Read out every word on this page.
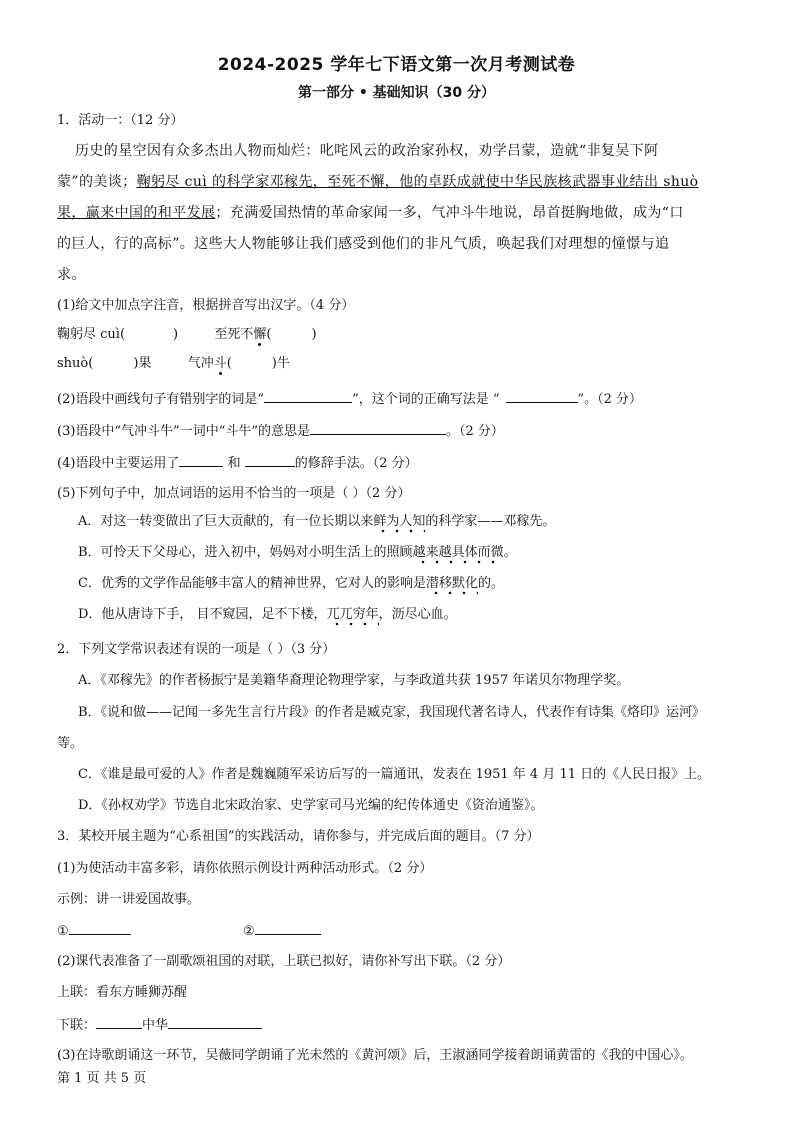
2024-2025 学年七下语文第一次月考测试卷
第一部分 • 基础知识（30 分）
1．活动一：（12 分）
历史的星空因有众多杰出人物而灿烂：叱咤风云的政治家孙权，劝学吕蒙，造就“非复吴下阿
蒙”的美谈；鞠躬尽 cuì 的科学家邓稼先，至死不懈，他的卓跃成就使中华民族核武器事业结出 shuò
果，赢来中国的和平发展；充满爱国热情的革命家闻一多，气冲斗牛地说，昂首挺胸地做，成为“口
的巨人，行的高标”。这些大人物能够让我们感受到他们的非凡气质，唤起我们对理想的憧憬与追
求。
(1)给文中加点字注音，根据拼音写出汉字。（4 分）
鞠躬尽 cuì(	)	至死不懈(	)
shuò(	)果	气冲斗(	)牛
(2)语段中画线句子有错别字的词是“	”，这个词的正确写法是 “	”。（2 分）
(3)语段中“气冲斗牛”一词中“斗牛”的意思是	。（2 分）
(4)语段中主要运用了	和	的修辞手法。（2 分）
(5)下列句子中，加点词语的运用不恰当的一项是（ ）（2 分）
A．对这一转变做出了巨大贡献的，有一位长期以来鲜为人知的科学家——邓稼先。
B．可怜天下父母心，进入初中，妈妈对小明生活上的照顾越来越具体而微。
C．优秀的文学作品能够丰富人的精神世界，它对人的影响是潜移默化的。
D．他从唐诗下手， 目不窥园，足不下楼，兀兀穷年，沥尽心血。
2．下列文学常识表述有误的一项是（ ）（3 分）
A．《邓稼先》的作者杨振宁是美籍华裔理论物理学家，与李政道共获 1957 年诺贝尔物理学奖。
B．《说和做——记闻一多先生言行片段》的作者是臧克家，我国现代著名诗人，代表作有诗集《烙印》运河》
等。
C．《谁是最可爱的人》作者是魏巍随军采访后写的一篇通讯，发表在 1951 年 4 月 11 日的《人民日报》上。
D．《孙权劝学》节选自北宋政治家、史学家司马光编的纪传体通史《资治通鉴》。
3．某校开展主题为“心系祖国”的实践活动，请你参与，并完成后面的题目。（7 分）
(1)为使活动丰富多彩，请你依照示例设计两种活动形式。（2 分）
示例：讲一讲爱国故事。
①	②
(2)课代表准备了一副歌颂祖国的对联，上联已拟好，请你补写出下联。（2 分）
上联：看东方睡狮苏醒
下联：	中华
(3)在诗歌朗诵这一环节，吴薇同学朗诵了光未然的《黄河颂》后，王淑涵同学接着朗诵黄雷的《我的中国心》。
第 1 页 共 5 页
